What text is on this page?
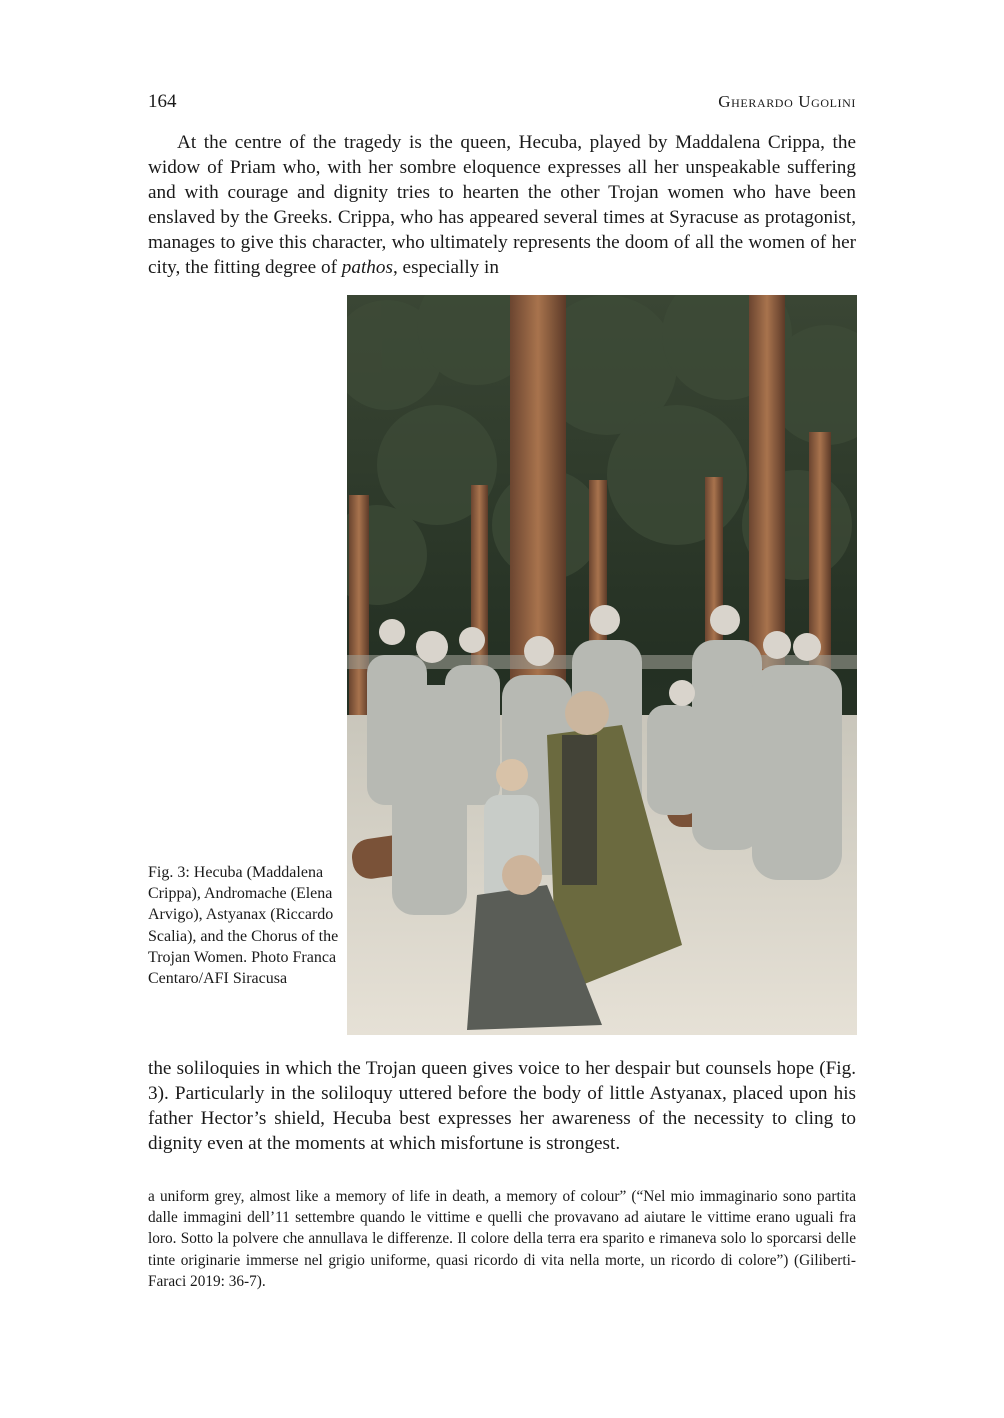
164	Gherardo Ugolini

At the centre of the tragedy is the queen, Hecuba, played by Maddalena Crippa, the widow of Priam who, with her sombre eloquence expresses all her unspeakable suffering and with courage and dignity tries to hearten the other Trojan women who have been enslaved by the Greeks. Crippa, who has appeared several times at Syracuse as protagonist, manages to give this character, who ultimately represents the doom of all the women of her city, the fitting degree of pathos, especially in

Fig. 3: Hecuba (Maddalena Crippa), Andromache (Elena Arvigo), Astyanax (Riccardo Scalia), and the Chorus of the Trojan Women. Photo Franca Centaro/AFI Siracusa

the soliloquies in which the Trojan queen gives voice to her despair but counsels hope (Fig. 3). Particularly in the soliloquy uttered before the body of little Astyanax, placed upon his father Hector’s shield, Hecuba best expresses her awareness of the necessity to cling to dignity even at the moments at which misfortune is strongest.

a uniform grey, almost like a memory of life in death, a memory of colour” (“Nel mio immaginario sono partita dalle immagini dell’11 settembre quando le vittime e quelli che provavano ad aiutare le vittime erano uguali fra loro. Sotto la polvere che annullava le differenze. Il colore della terra era sparito e rimaneva solo lo sporcarsi delle tinte originarie immerse nel grigio uniforme, quasi ricordo di vita nella morte, un ricordo di colore”) (Giliberti-Faraci 2019: 36-7).
